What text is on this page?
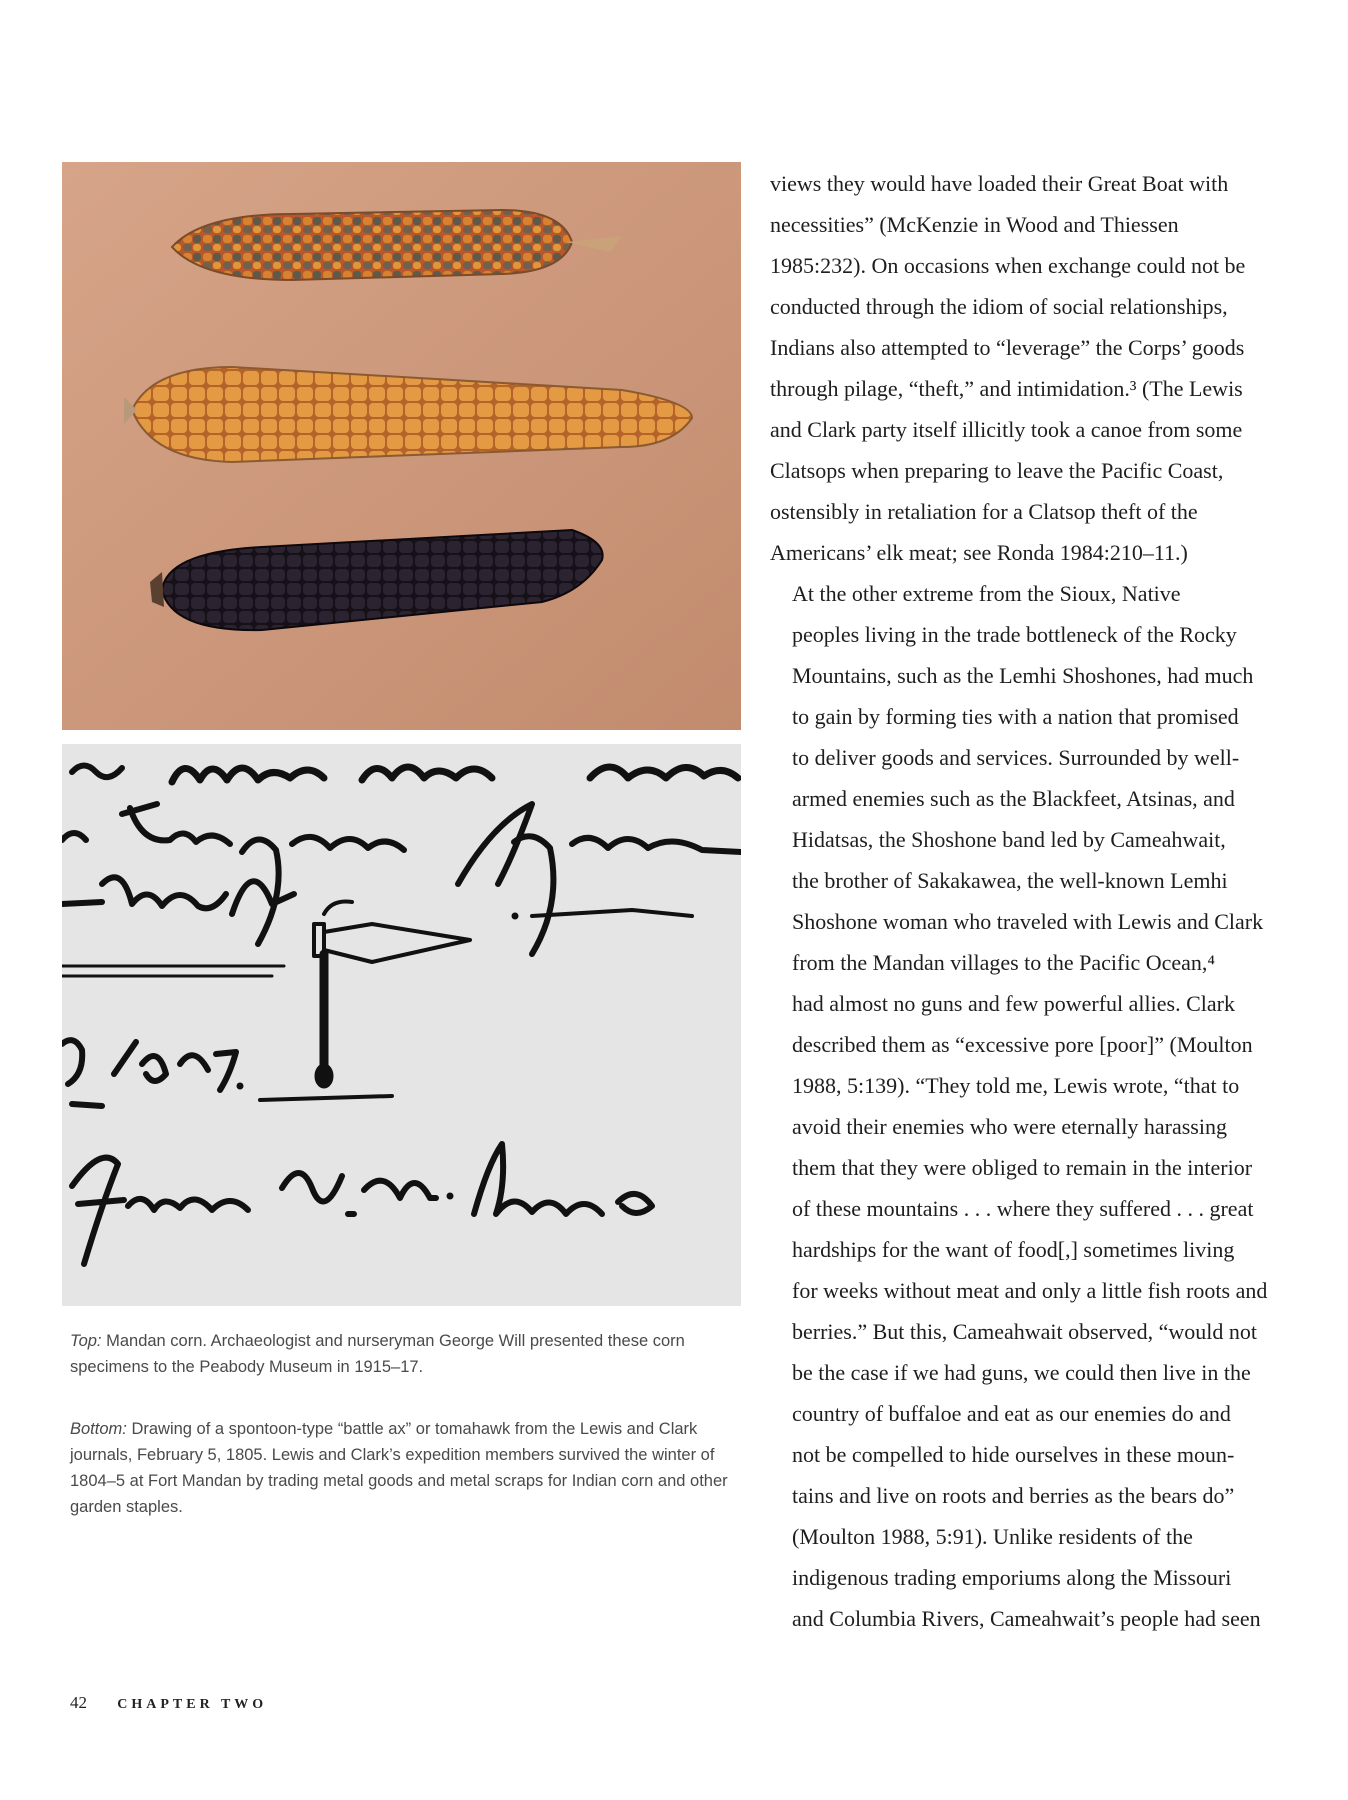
Top: Mandan corn. Archaeologist and nurseryman George Will presented these corn specimens to the Peabody Museum in 1915–17.
Bottom: Drawing of a spontoon-type “battle ax” or tomahawk from the Lewis and Clark journals, February 5, 1805. Lewis and Clark’s expedition members survived the winter of 1804–5 at Fort Mandan by trading metal goods and metal scraps for Indian corn and other garden staples.

views they would have loaded their Great Boat with
necessities” (McKenzie in Wood and Thiessen
1985:232). On occasions when exchange could not be
conducted through the idiom of social relationships,
Indians also attempted to “leverage” the Corps’ goods
through pilage, “theft,” and intimidation.³ (The Lewis
and Clark party itself illicitly took a canoe from some
Clatsops when preparing to leave the Pacific Coast,
ostensibly in retaliation for a Clatsop theft of the
Americans’ elk meat; see Ronda 1984:210–11.)

At the other extreme from the Sioux, Native
peoples living in the trade bottleneck of the Rocky
Mountains, such as the Lemhi Shoshones, had much
to gain by forming ties with a nation that promised
to deliver goods and services. Surrounded by well-
armed enemies such as the Blackfeet, Atsinas, and
Hidatsas, the Shoshone band led by Cameahwait,
the brother of Sakakawea, the well-known Lemhi
Shoshone woman who traveled with Lewis and Clark
from the Mandan villages to the Pacific Ocean,⁴
had almost no guns and few powerful allies. Clark
described them as “excessive pore [poor]” (Moulton
1988, 5:139). “They told me, Lewis wrote, “that to
avoid their enemies who were eternally harassing
them that they were obliged to remain in the interior
of these mountains . . . where they suffered . . . great
hardships for the want of food[,] sometimes living
for weeks without meat and only a little fish roots and
berries.” But this, Cameahwait observed, “would not
be the case if we had guns, we could then live in the
country of buffaloe and eat as our enemies do and
not be compelled to hide ourselves in these moun-
tains and live on roots and berries as the bears do”
(Moulton 1988, 5:91). Unlike residents of the
indigenous trading emporiums along the Missouri
and Columbia Rivers, Cameahwait’s people had seen

42 CHAPTER TWO
